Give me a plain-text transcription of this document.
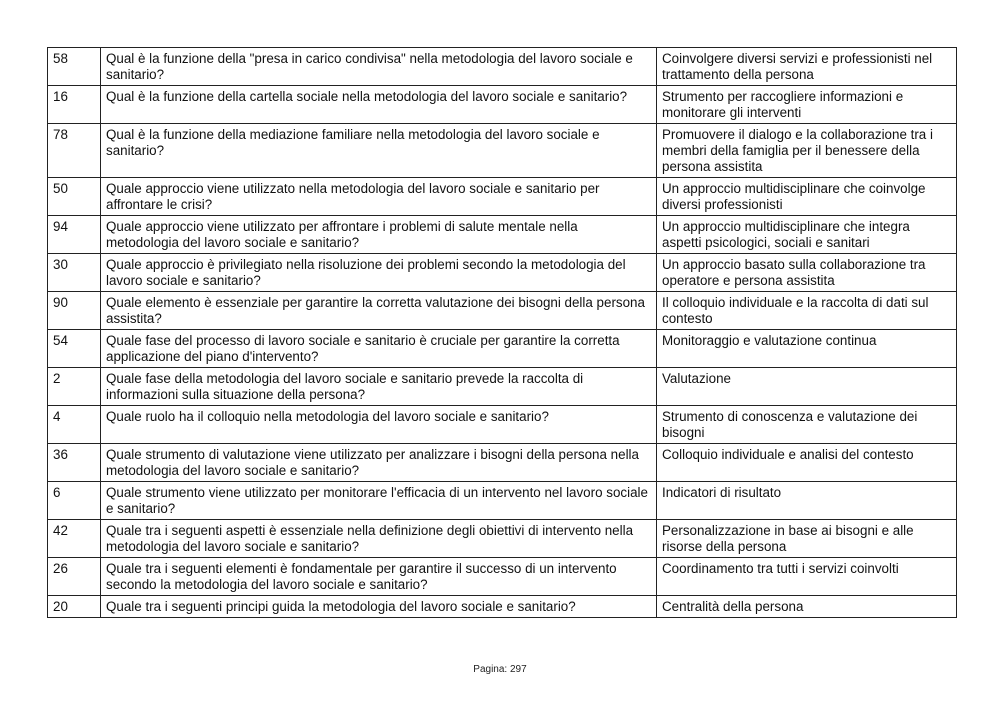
58	Qual è la funzione della "presa in carico condivisa" nella metodologia del lavoro sociale e sanitario?	Coinvolgere diversi servizi e professionisti nel trattamento della persona
16	Qual è la funzione della cartella sociale nella metodologia del lavoro sociale e sanitario?	Strumento per raccogliere informazioni e monitorare gli interventi
78	Qual è la funzione della mediazione familiare nella metodologia del lavoro sociale e sanitario?	Promuovere il dialogo e la collaborazione tra i membri della famiglia per il benessere della persona assistita
50	Quale approccio viene utilizzato nella metodologia del lavoro sociale e sanitario per affrontare le crisi?	Un approccio multidisciplinare che coinvolge diversi professionisti
94	Quale approccio viene utilizzato per affrontare i problemi di salute mentale nella metodologia del lavoro sociale e sanitario?	Un approccio multidisciplinare che integra aspetti psicologici, sociali e sanitari
30	Quale approccio è privilegiato nella risoluzione dei problemi secondo la metodologia del lavoro sociale e sanitario?	Un approccio basato sulla collaborazione tra operatore e persona assistita
90	Quale elemento è essenziale per garantire la corretta valutazione dei bisogni della persona assistita?	Il colloquio individuale e la raccolta di dati sul contesto
54	Quale fase del processo di lavoro sociale e sanitario è cruciale per garantire la corretta applicazione del piano d'intervento?	Monitoraggio e valutazione continua
2	Quale fase della metodologia del lavoro sociale e sanitario prevede la raccolta di informazioni sulla situazione della persona?	Valutazione
4	Quale ruolo ha il colloquio nella metodologia del lavoro sociale e sanitario?	Strumento di conoscenza e valutazione dei bisogni
36	Quale strumento di valutazione viene utilizzato per analizzare i bisogni della persona nella metodologia del lavoro sociale e sanitario?	Colloquio individuale e analisi del contesto
6	Quale strumento viene utilizzato per monitorare l'efficacia di un intervento nel lavoro sociale e sanitario?	Indicatori di risultato
42	Quale tra i seguenti aspetti è essenziale nella definizione degli obiettivi di intervento nella metodologia del lavoro sociale e sanitario?	Personalizzazione in base ai bisogni e alle risorse della persona
26	Quale tra i seguenti elementi è fondamentale per garantire il successo di un intervento secondo la metodologia del lavoro sociale e sanitario?	Coordinamento tra tutti i servizi coinvolti
20	Quale tra i seguenti principi guida la metodologia del lavoro sociale e sanitario?	Centralità della persona
Pagina: 297
